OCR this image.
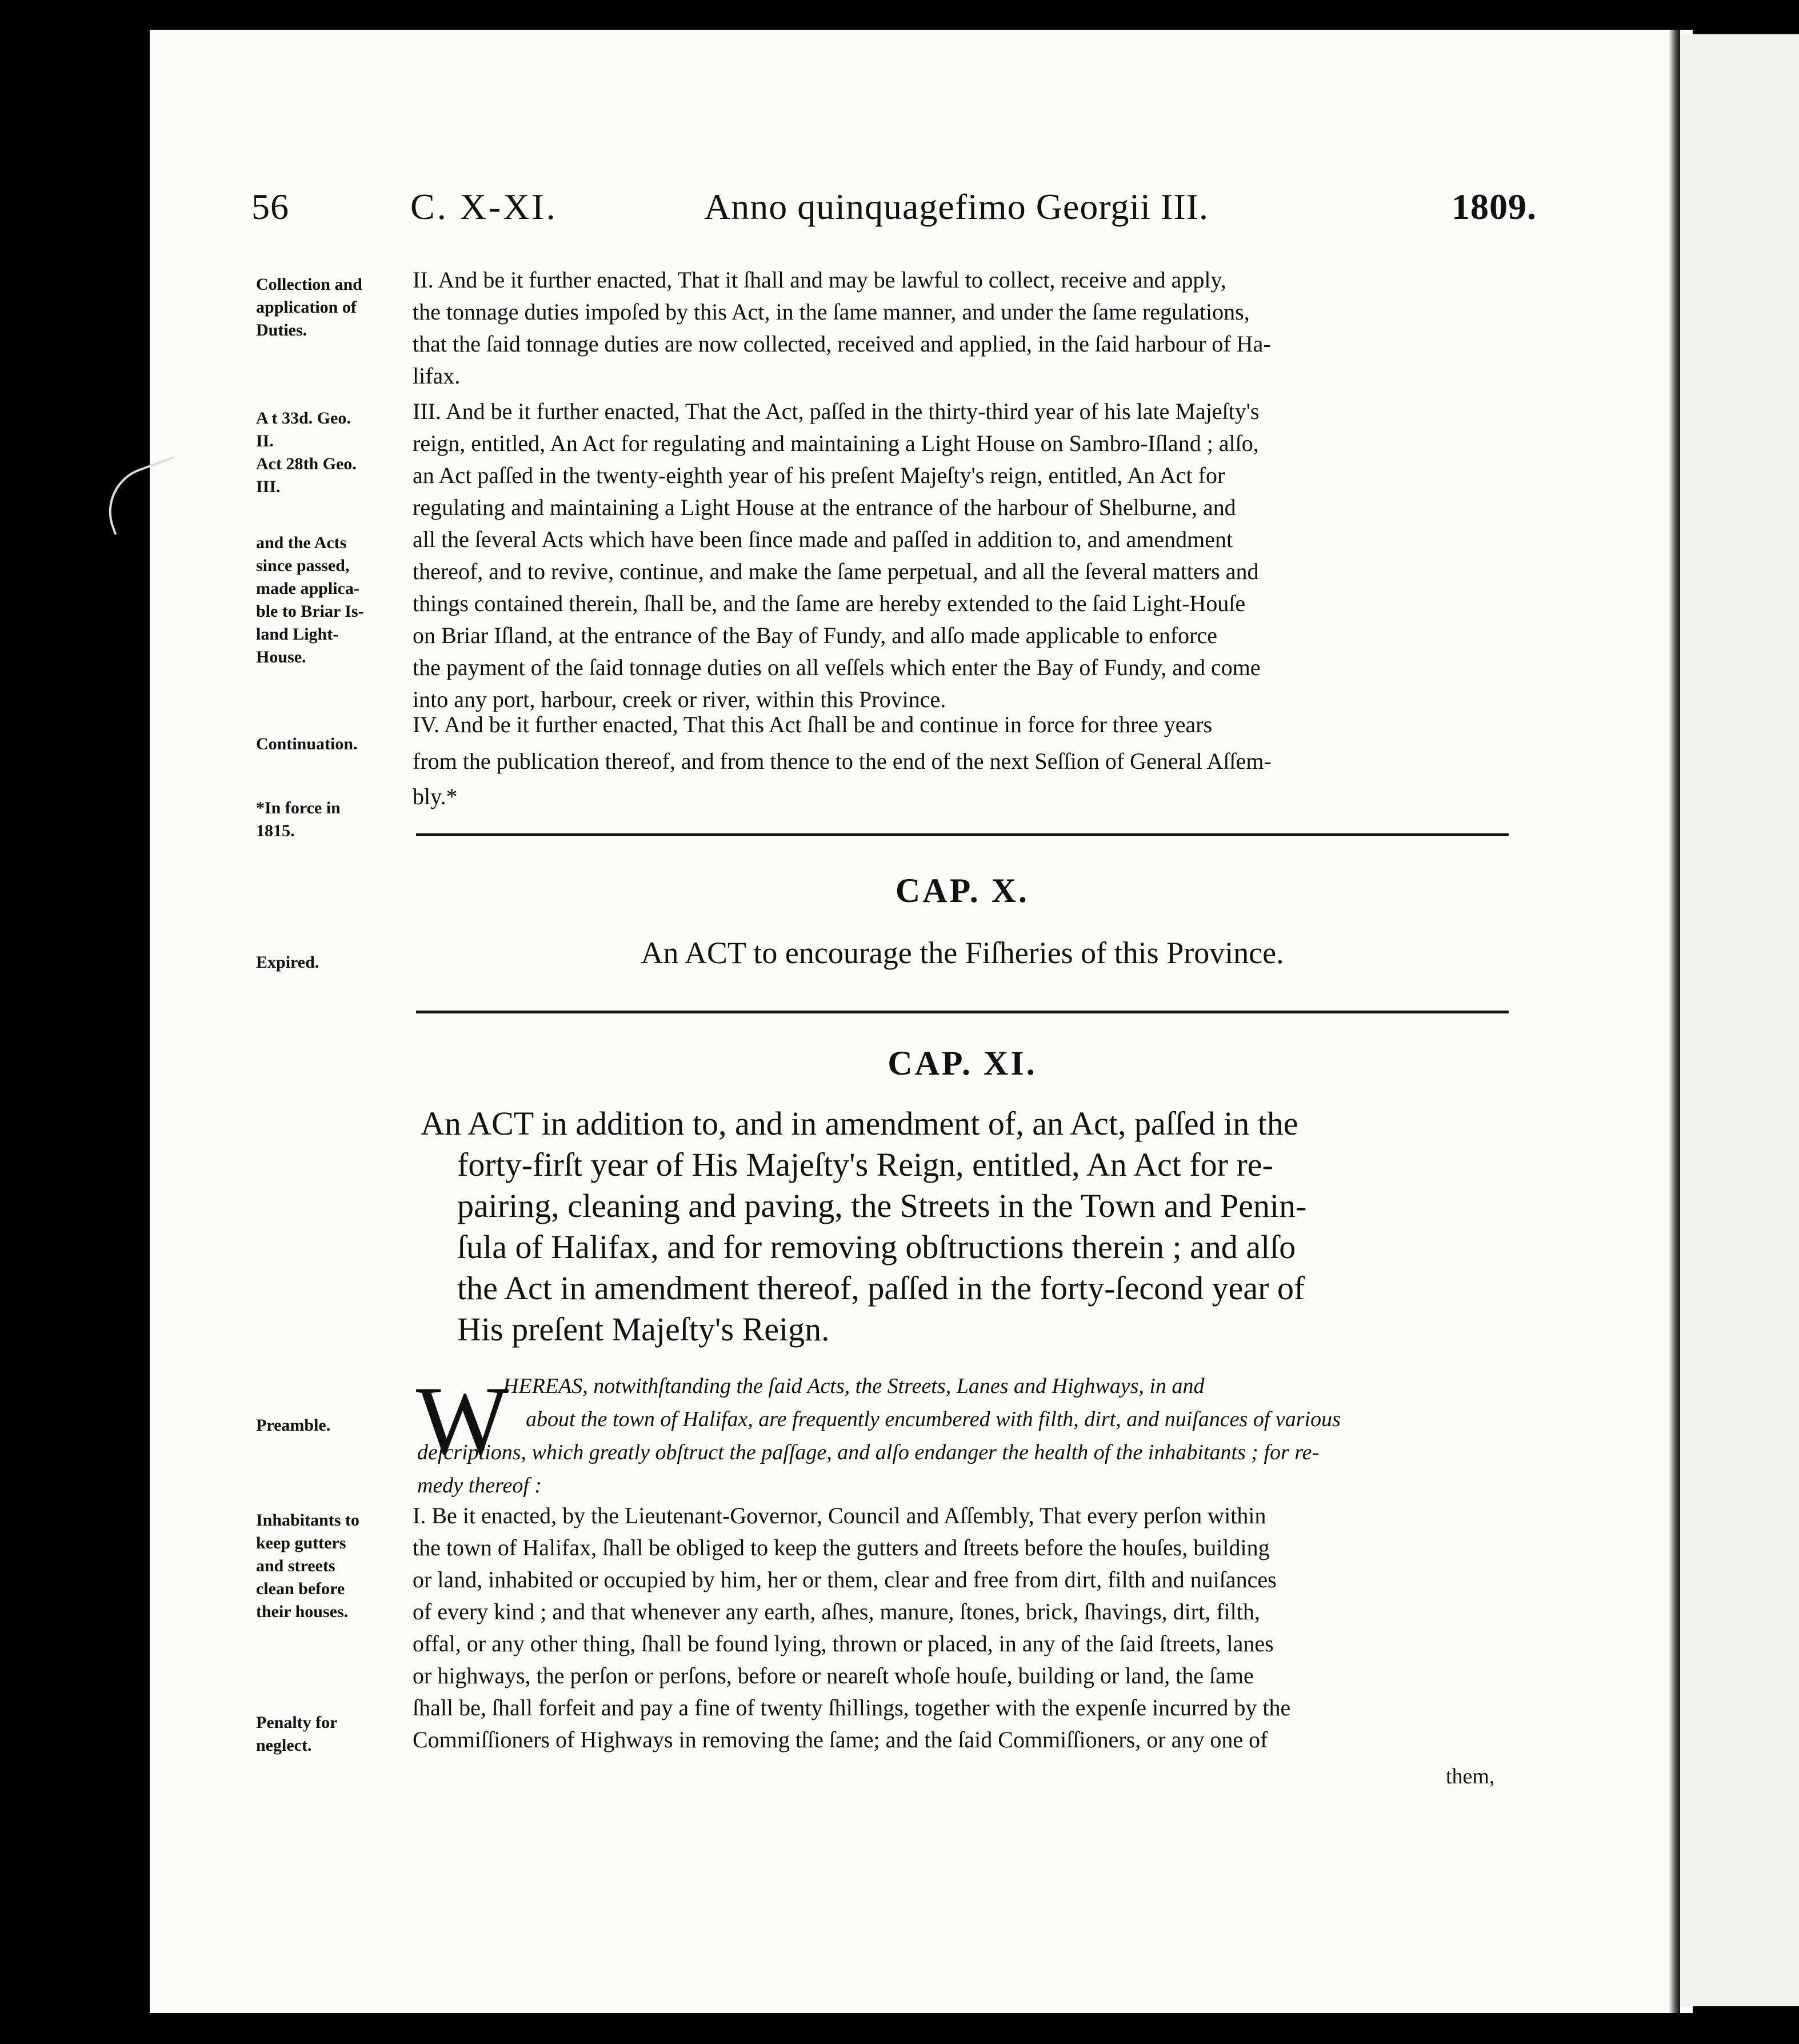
56	C. X-XI.	Anno quinquagefimo Georgii III.	1809.
Collection and
application of
Duties.
A t 33d. Geo.
II.
Act 28th Geo.
III.
and the Acts
since passed,
made applica-
ble to Briar Is-
land Light-
House.
Continuation.
*In force in
1815.
Expired.
Preamble.
Inhabitants to
keep gutters
and streets
clean before
their houses.
Penalty for
neglect.
II. And be it further enacted, That it ſhall and may be lawful to collect, receive and apply,
the tonnage duties impoſed by this Act, in the ſame manner, and under the ſame regulations,
that the ſaid tonnage duties are now collected, received and applied, in the ſaid harbour of Ha-
lifax.
III. And be it further enacted, That the Act, paſſed in the thirty-third year of his late Majeſty's
reign, entitled, An Act for regulating and maintaining a Light House on Sambro-Iſland ; alſo,
an Act paſſed in the twenty-eighth year of his preſent Majeſty's reign, entitled, An Act for
regulating and maintaining a Light House at the entrance of the harbour of Shelburne, and
all the ſeveral Acts which have been ſince made and paſſed in addition to, and amendment
thereof, and to revive, continue, and make the ſame perpetual, and all the ſeveral matters and
things contained therein, ſhall be, and the ſame are hereby extended to the ſaid Light-Houſe
on Briar Iſland, at the entrance of the Bay of Fundy, and alſo made applicable to enforce
the payment of the ſaid tonnage duties on all veſſels which enter the Bay of Fundy, and come
into any port, harbour, creek or river, within this Province.
IV. And be it further enacted, That this Act ſhall be and continue in force for three years
from the publication thereof, and from thence to the end of the next Seſſion of General Aſſem-
bly.*
CAP. X.
An ACT to encourage the Fiſheries of this Province.
CAP. XI.
An ACT in addition to, and in amendment of, an Act, paſſed in the
forty-firſt year of His Majeſty's Reign, entitled, An Act for re-
pairing, cleaning and paving, the Streets in the Town and Penin-
ſula of Halifax, and for removing obſtructions therein ; and alſo
the Act in amendment thereof, paſſed in the forty-ſecond year of
His preſent Majeſty's Reign.
W
HEREAS, notwithſtanding the ſaid Acts, the Streets, Lanes and Highways, in and
about the town of Halifax, are frequently encumbered with filth, dirt, and nuiſances of various
deſcriptions, which greatly obſtruct the paſſage, and alſo endanger the health of the inhabitants ; for re-
medy thereof :
I. Be it enacted, by the Lieutenant-Governor, Council and Aſſembly, That every perſon within
the town of Halifax, ſhall be obliged to keep the gutters and ſtreets before the houſes, building
or land, inhabited or occupied by him, her or them, clear and free from dirt, filth and nuiſances
of every kind ; and that whenever any earth, aſhes, manure, ſtones, brick, ſhavings, dirt, filth,
offal, or any other thing, ſhall be found lying, thrown or placed, in any of the ſaid ſtreets, lanes
or highways, the perſon or perſons, before or neareſt whoſe houſe, building or land, the ſame
ſhall be, ſhall forfeit and pay a fine of twenty ſhillings, together with the expenſe incurred by the
Commiſſioners of Highways in removing the ſame; and the ſaid Commiſſioners, or any one of
them,
